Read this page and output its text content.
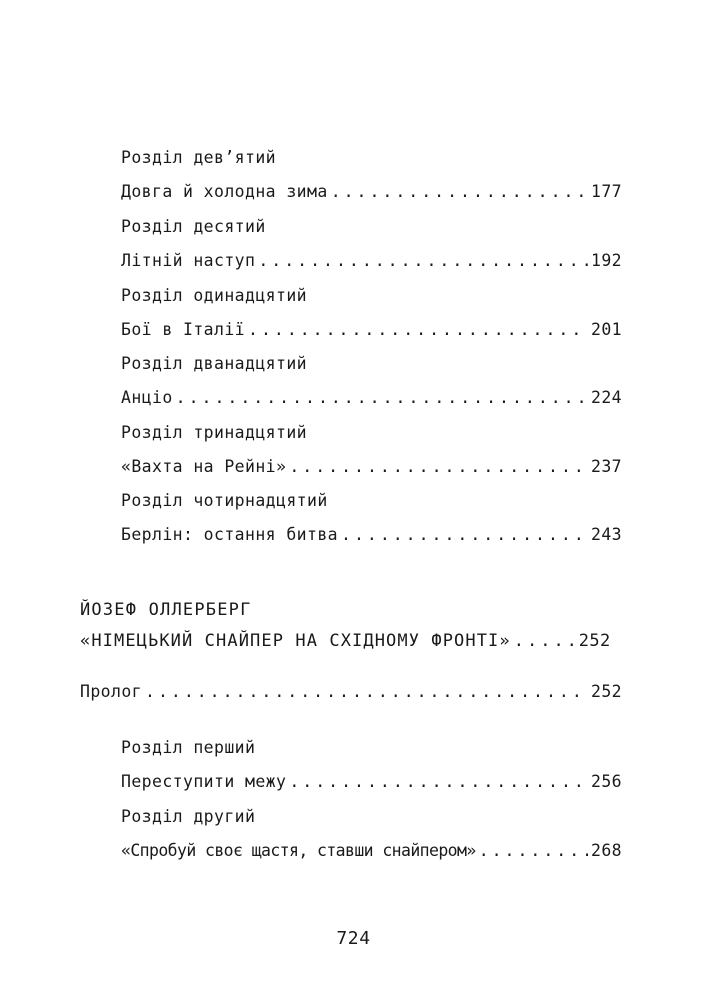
Розділ дев’ятий
Довга й холодна зима .....	177
Розділ десятий
Літній наступ .....	192
Розділ одинадцятий
Бої в Італії .....	201
Розділ дванадцятий
Анціо .....	224
Розділ тринадцятий
«Вахта на Рейні» .....	237
Розділ чотирнадцятий
Берлін: остання битва .....	243
ЙОЗЕФ ОЛЛЕРБЕРГ
«НІМЕЦЬКИЙ СНАЙПЕР НА СХІДНОМУ ФРОНТІ» .....	252
Пролог .....	252
Розділ перший
Переступити межу .....	256
Розділ другий
«Спробуй своє щастя, ставши снайпером» .....	268
724
